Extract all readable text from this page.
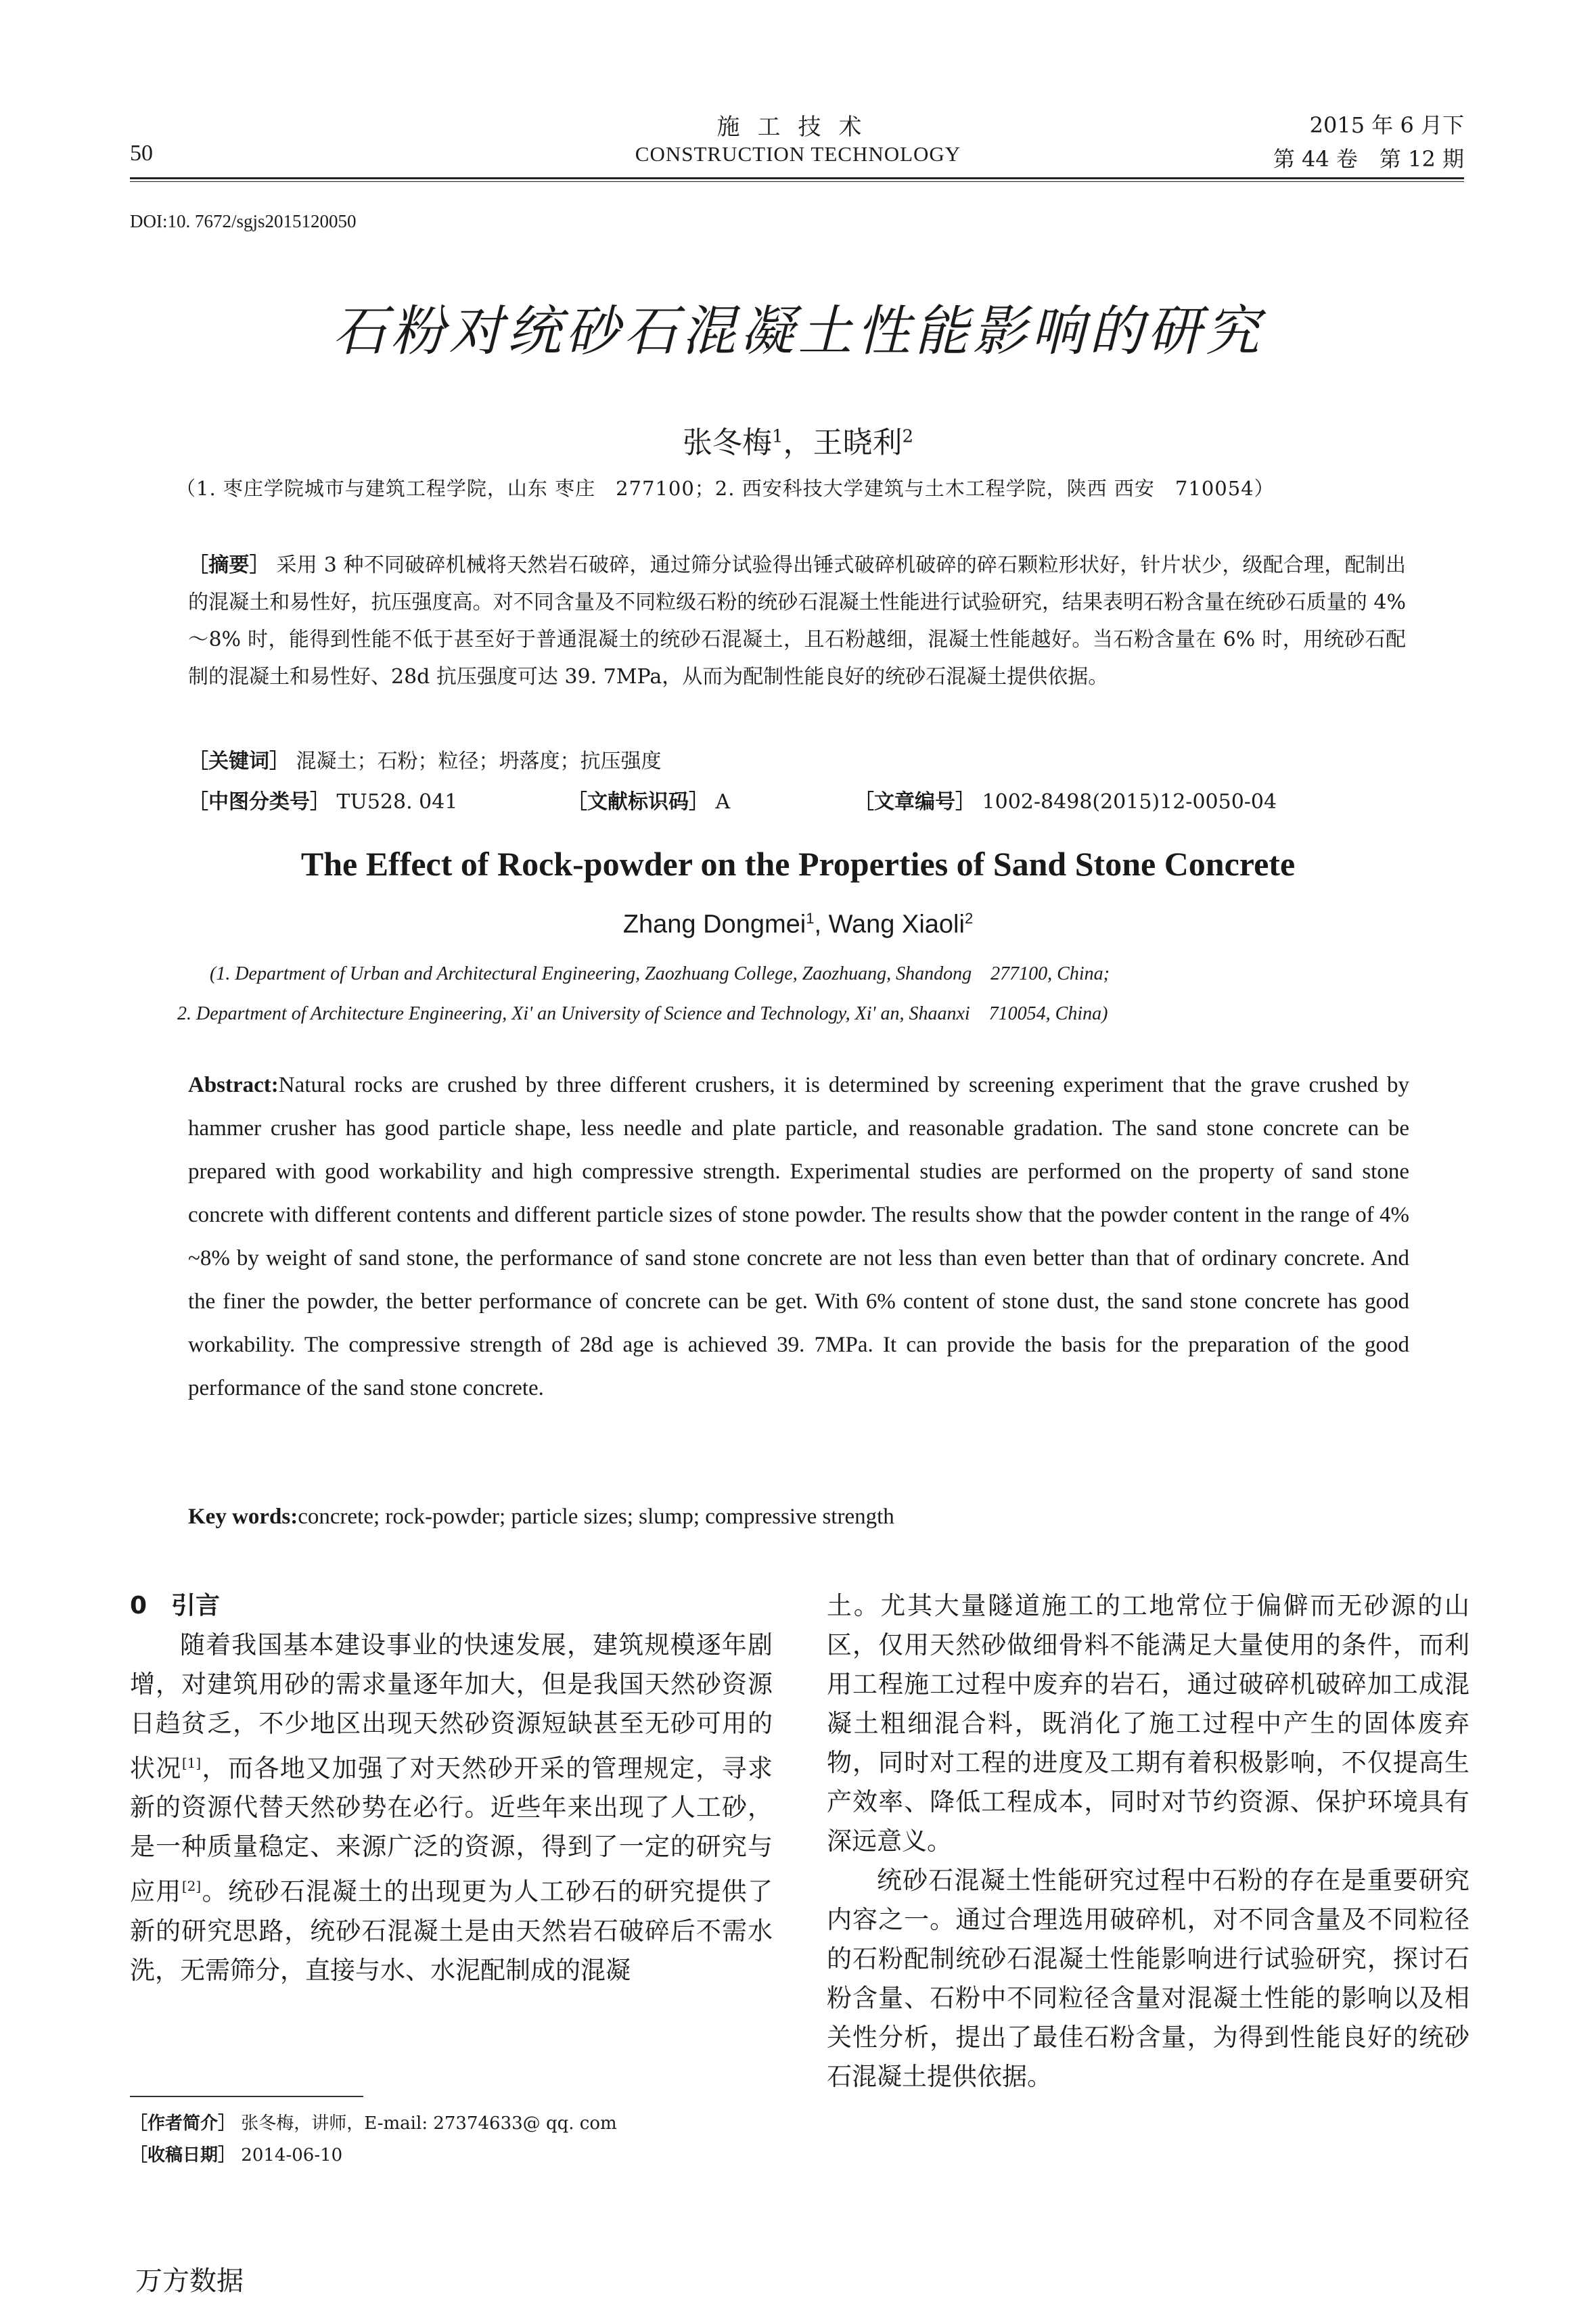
施工技术
CONSTRUCTION TECHNOLOGY
50
2015 年 6 月下
第 44 卷　第 12 期
DOI:10. 7672/sgjs2015120050
石粉对统砂石混凝土性能影响的研究
张冬梅$^1$，王晓利$^2$
（1. 枣庄学院城市与建筑工程学院，山东 枣庄　277100；2. 西安科技大学建筑与土木工程学院，陕西 西安　710054）
［摘要］ 采用 3 种不同破碎机械将天然岩石破碎，通过筛分试验得出锤式破碎机破碎的碎石颗粒形状好，针片状少，级配合理，配制出的混凝土和易性好，抗压强度高。对不同含量及不同粒级石粉的统砂石混凝土性能进行试验研究，结果表明石粉含量在统砂石质量的 4% ～8% 时，能得到性能不低于甚至好于普通混凝土的统砂石混凝土，且石粉越细，混凝土性能越好。当石粉含量在 6% 时，用统砂石配制的混凝土和易性好、28d 抗压强度可达 39. 7MPa，从而为配制性能良好的统砂石混凝土提供依据。
［关键词］ 混凝土；石粉；粒径；坍落度；抗压强度
［中图分类号］ TU528. 041	［文献标识码］ A	［文章编号］ 1002-8498(2015)12-0050-04
The Effect of Rock-powder on the Properties of Sand Stone Concrete
Zhang Dongmei$^1$, Wang Xiaoli$^2$
(1. Department of Urban and Architectural Engineering, Zaozhuang College, Zaozhuang, Shandong　277100, China;
2. Department of Architecture Engineering, Xi' an University of Science and Technology, Xi' an, Shaanxi　710054, China)
Abstract:Natural rocks are crushed by three different crushers, it is determined by screening experiment that the grave crushed by hammer crusher has good particle shape, less needle and plate particle, and reasonable gradation. The sand stone concrete can be prepared with good workability and high compressive strength. Experimental studies are performed on the property of sand stone concrete with different contents and different particle sizes of stone powder. The results show that the powder content in the range of 4% ~8% by weight of sand stone, the performance of sand stone concrete are not less than even better than that of ordinary concrete. And the finer the powder, the better performance of concrete can be get. With 6% content of stone dust, the sand stone concrete has good workability. The compressive strength of 28d age is achieved 39. 7MPa. It can provide the basis for the preparation of the good performance of the sand stone concrete.
Key words:concrete; rock-powder; particle sizes; slump; compressive strength
0　引言

随着我国基本建设事业的快速发展，建筑规模逐年剧增，对建筑用砂的需求量逐年加大，但是我国天然砂资源日趋贫乏，不少地区出现天然砂资源短缺甚至无砂可用的状况[1]，而各地又加强了对天然砂开采的管理规定，寻求新的资源代替天然砂势在必行。近些年来出现了人工砂，是一种质量稳定、来源广泛的资源，得到了一定的研究与应用[2]。统砂石混凝土的出现更为人工砂石的研究提供了新的研究思路，统砂石混凝土是由天然岩石破碎后不需水洗，无需筛分，直接与水、水泥配制成的混凝

土。尤其大量隧道施工的工地常位于偏僻而无砂源的山区，仅用天然砂做细骨料不能满足大量使用的条件，而利用工程施工过程中废弃的岩石，通过破碎机破碎加工成混凝土粗细混合料，既消化了施工过程中产生的固体废弃物，同时对工程的进度及工期有着积极影响，不仅提高生产效率、降低工程成本，同时对节约资源、保护环境具有深远意义。

统砂石混凝土性能研究过程中石粉的存在是重要研究内容之一。通过合理选用破碎机，对不同含量及不同粒径的石粉配制统砂石混凝土性能影响进行试验研究，探讨石粉含量、石粉中不同粒径含量对混凝土性能的影响以及相关性分析，提出了最佳石粉含量，为得到性能良好的统砂石混凝土提供依据。

［作者简介］ 张冬梅，讲师，E-mail: 27374633@ qq. com
［收稿日期］ 2014-06-10
万方数据
